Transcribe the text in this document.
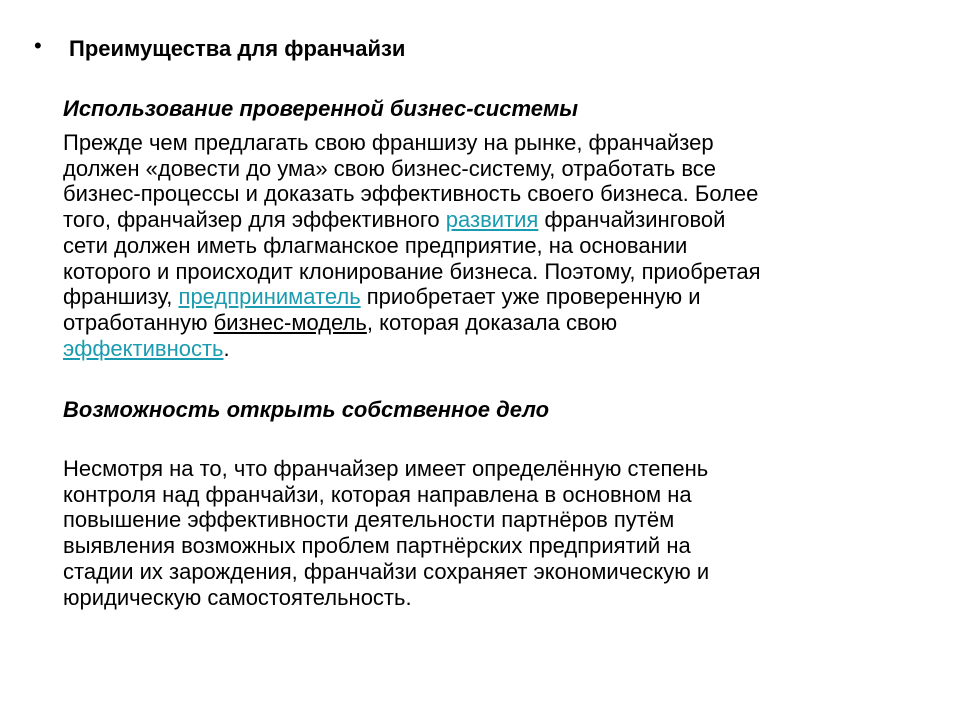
• Преимущества для франчайзи
Использование проверенной бизнес-системы

Прежде чем предлагать свою франшизу на рынке, франчайзер
должен «довести до ума» свою бизнес-систему, отработать все
бизнес-процессы и доказать эффективность своего бизнеса. Более
того, франчайзер для эффективного развития франчайзинговой
сети должен иметь флагманское предприятие, на основании
которого и происходит клонирование бизнеса. Поэтому, приобретая
франшизу, предприниматель приобретает уже проверенную и
отработанную бизнес-модель, которая доказала свою
эффективность.

Возможность открыть собственное дело

Несмотря на то, что франчайзер имеет определённую степень
контроля над франчайзи, которая направлена в основном на
повышение эффективности деятельности партнёров путём
выявления возможных проблем партнёрских предприятий на
стадии их зарождения, франчайзи сохраняет экономическую и
юридическую самостоятельность.
